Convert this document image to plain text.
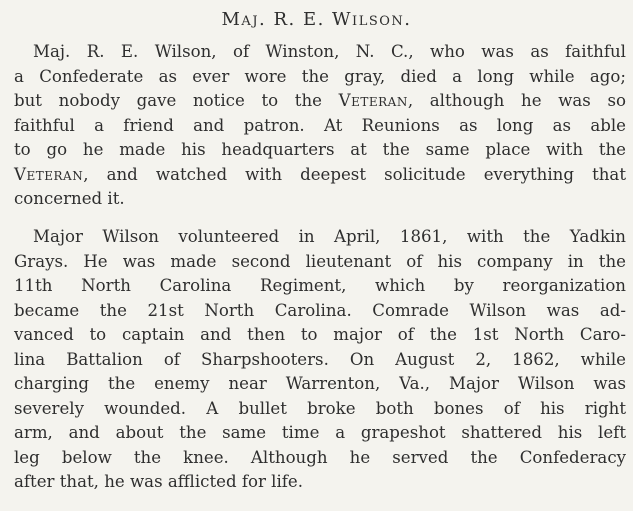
Maj. R. E. Wilson.
Maj. R. E. Wilson, of Winston, N. C., who was as faithful
a Confederate as ever wore the gray, died a long while ago;
but nobody gave notice to the Veteran, although he was so
faithful a friend and patron. At Reunions as long as able
to go he made his headquarters at the same place with the
Veteran, and watched with deepest solicitude everything that
concerned it.
Major Wilson volunteered in April, 1861, with the Yadkin
Grays. He was made second lieutenant of his company in the
11th North Carolina Regiment, which by reorganization
became the 21st North Carolina. Comrade Wilson was ad-
vanced to captain and then to major of the 1st North Caro-
lina Battalion of Sharpshooters. On August 2, 1862, while
charging the enemy near Warrenton, Va., Major Wilson was
severely wounded. A bullet broke both bones of his right
arm, and about the same time a grapeshot shattered his left
leg below the knee. Although he served the Confederacy
after that, he was afflicted for life.
